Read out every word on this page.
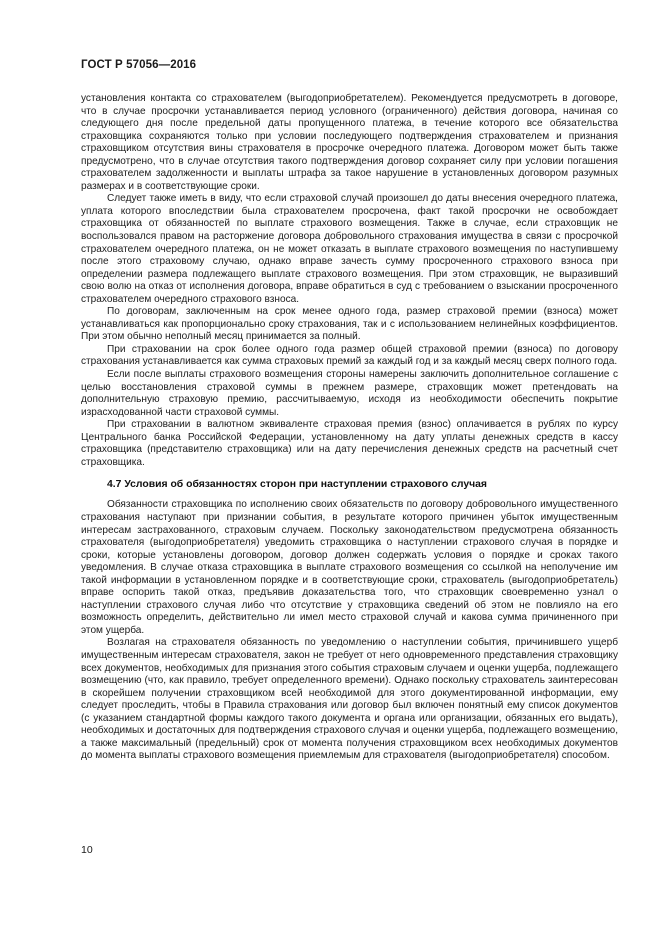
ГОСТ Р 57056—2016

установления контакта со страхователем (выгодоприобретателем). Рекомендуется предусмотреть в договоре, что в случае просрочки устанавливается период условного (ограниченного) действия договора, начиная со следующего дня после предельной даты пропущенного платежа, в течение которого все обязательства страховщика сохраняются только при условии последующего подтверждения страхователем и признания страховщиком отсутствия вины страхователя в просрочке очередного платежа. Договором может быть также предусмотрено, что в случае отсутствия такого подтверждения договор сохраняет силу при условии погашения страхователем задолженности и выплаты штрафа за такое нарушение в установленных договором разумных размерах и в соответствующие сроки.

Следует также иметь в виду, что если страховой случай произошел до даты внесения очередного платежа, уплата которого впоследствии была страхователем просрочена, факт такой просрочки не освобождает страховщика от обязанностей по выплате страхового возмещения. Также в случае, если страховщик не воспользовался правом на расторжение договора добровольного страхования имущества в связи с просрочкой страхователем очередного платежа, он не может отказать в выплате страхового возмещения по наступившему после этого страховому случаю, однако вправе зачесть сумму просроченного страхового взноса при определении размера подлежащего выплате страхового возмещения. При этом страховщик, не выразивший свою волю на отказ от исполнения договора, вправе обратиться в суд с требованием о взыскании просроченного страхователем очередного страхового взноса.

По договорам, заключенным на срок менее одного года, размер страховой премии (взноса) может устанавливаться как пропорционально сроку страхования, так и с использованием нелинейных коэффициентов. При этом обычно неполный месяц принимается за полный.

При страховании на срок более одного года размер общей страховой премии (взноса) по договору страхования устанавливается как сумма страховых премий за каждый год и за каждый месяц сверх полного года.

Если после выплаты страхового возмещения стороны намерены заключить дополнительное соглашение с целью восстановления страховой суммы в прежнем размере, страховщик может претендовать на дополнительную страховую премию, рассчитываемую, исходя из необходимости обеспечить покрытие израсходованной части страховой суммы.

При страховании в валютном эквиваленте страховая премия (взнос) оплачивается в рублях по курсу Центрального банка Российской Федерации, установленному на дату уплаты денежных средств в кассу страховщика (представителю страховщика) или на дату перечисления денежных средств на расчетный счет страховщика.

4.7 Условия об обязанностях сторон при наступлении страхового случая

Обязанности страховщика по исполнению своих обязательств по договору добровольного имущественного страхования наступают при признании события, в результате которого причинен убыток имущественным интересам застрахованного, страховым случаем. Поскольку законодательством предусмотрена обязанность страхователя (выгодоприобретателя) уведомить страховщика о наступлении страхового случая в порядке и сроки, которые установлены договором, договор должен содержать условия о порядке и сроках такого уведомления. В случае отказа страховщика в выплате страхового возмещения со ссылкой на неполучение им такой информации в установленном порядке и в соответствующие сроки, страхователь (выгодоприобретатель) вправе оспорить такой отказ, предъявив доказательства того, что страховщик своевременно узнал о наступлении страхового случая либо что отсутствие у страховщика сведений об этом не повлияло на его возможность определить, действительно ли имел место страховой случай и какова сумма причиненного при этом ущерба.

Возлагая на страхователя обязанность по уведомлению о наступлении события, причинившего ущерб имущественным интересам страхователя, закон не требует от него одновременного представления страховщику всех документов, необходимых для признания этого события страховым случаем и оценки ущерба, подлежащего возмещению (что, как правило, требует определенного времени). Однако поскольку страхователь заинтересован в скорейшем получении страховщиком всей необходимой для этого документированной информации, ему следует проследить, чтобы в Правила страхования или договор был включен понятный ему список документов (с указанием стандартной формы каждого такого документа и органа или организации, обязанных его выдать), необходимых и достаточных для подтверждения страхового случая и оценки ущерба, подлежащего возмещению, а также максимальный (предельный) срок от момента получения страховщиком всех необходимых документов до момента выплаты страхового возмещения приемлемым для страхователя (выгодоприобретателя) способом.

10
